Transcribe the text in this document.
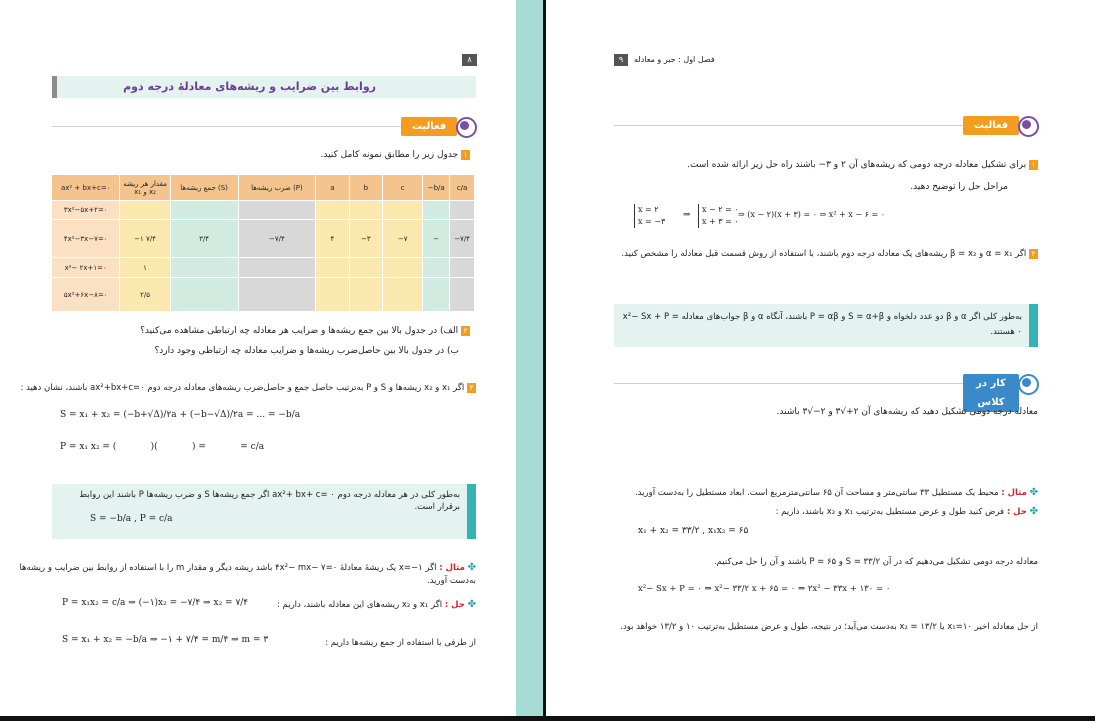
۸
روابط بین ضرایب و ریشه‌های معادلهٔ درجه دوم
فعالیت
۱ جدول زیر را مطابق نمونه کامل کنید.
ax² + bx+c=۰	مقدار هر ریشه x₁ و x₂	جمع ریشه‌ها (S)	ضرب ریشه‌ها (P)	a	b	c	−b/a	c/a
۳x²−۵x+۲=۰								
۴x²−۳x−۷=۰	−۱ ۷/۴	۳/۴	−۷/۴	۴	−۳	−۷	−	−۷/۴
x²− ۲x+۱=۰	۱							
۵x²+۶x−۸=۰	۲/۵							
۲ الف) در جدول بالا بین جمع ریشه‌ها و ضرایب هر معادله چه ارتباطی مشاهده می‌کنید؟
ب) در جدول بالا بین حاصل‌ضرب ریشه‌ها و ضرایب معادله چه ارتباطی وجود دارد؟
۳ اگر x₁ و x₂ ریشه‌ها و S و P به‌ترتیب حاصل جمع و حاصل‌ضرب ریشه‌های معادله درجه دوم ax²+bx+c=۰ باشند، نشان دهید :
S = x₁ + x₂ = (−b+√Δ)/۲a + (−b−√Δ)/۲a = ... = −b/a
P = x₁ x₂ = (            )(            ) =            = c/a
به‌طور کلی در هر معادله درجه دوم ax²+ bx+ c= ۰ اگر جمع ریشه‌ها S و ضرب ریشه‌ها P باشند این روابط برقرار است.
S = −b/a , P = c/a
✤ مثال : اگر x=−۱ یک ریشهٔ معادلهٔ ۴x²− mx− ۷=۰ باشد ریشه دیگر و مقدار m را با استفاده از روابط بین ضرایب و ریشه‌ها به‌دست آورید.
✤ حل : اگر x₁ و x₂ ریشه‌های این معادله باشند، داریم :
P = x₁x₂ = c/a ⇒ (−۱)x₂ = −۷/۴ ⇒ x₂ = ۷/۴
از طرفی با استفاده از جمع ریشه‌ها داریم :
S = x₁ + x₂ = −b/a ⇒ −۱ + ۷/۴ = m/۴ ⇒ m = ۳
۹	فصل اول : جبر و معادله
فعالیت
۱ برای تشکیل معادله درجه دومی که ریشه‌های آن ۲ و ۳− باشند راه حل زیر ارائه شده است.
مراحل حل را توضیح دهید.
x = ۲
x = −۳
⇒
x − ۲ = ۰
x + ۳ = ۰
⇒ (x − ۲)(x + ۳) = ۰ ⇒ x² + x − ۶ = ۰
۲ اگر α = x₁ و β = x₂ ریشه‌های یک معادله درجه دوم باشند، با استفاده از روش قسمت قبل معادله را مشخص کنید.
به‌طور کلی اگر α و β دو عدد دلخواه و S = α+β و P = αβ باشند، آنگاه α و β جواب‌های معادله x²− Sx + P = ۰ هستند.
کار در کلاس
معادله درجه دومی تشکیل دهید که ریشه‌های آن ۲+√۳ و ۲−√۳ باشند.
✤ مثال : محیط یک مستطیل ۳۳ سانتی‌متر و مساحت آن ۶۵ سانتی‌مترمربع است. ابعاد مستطیل را به‌دست آورید.
✤ حل : فرض کنید طول و عرض مستطیل به‌ترتیب x₁ و x₂ باشند، داریم :
x₁ + x₂ = ۳۳/۲ , x₁x₂ = ۶۵
معادله درجه دومی تشکیل می‌دهیم که در آن S = ۳۳/۲ و P = ۶۵ باشند و آن را حل می‌کنیم.
x²− Sx + P = ۰ ⇒ x²− ۳۳/۲ x + ۶۵ = ۰ ⇒ ۲x² − ۳۳x + ۱۳۰ = ۰
از حل معادله اخیر x₁=۱۰ یا x₂ = ۱۳/۲ به‌دست می‌آید؛ در نتیجه، طول و عرض مستطیل به‌ترتیب ۱۰ و ۱۳/۲ خواهد بود.
